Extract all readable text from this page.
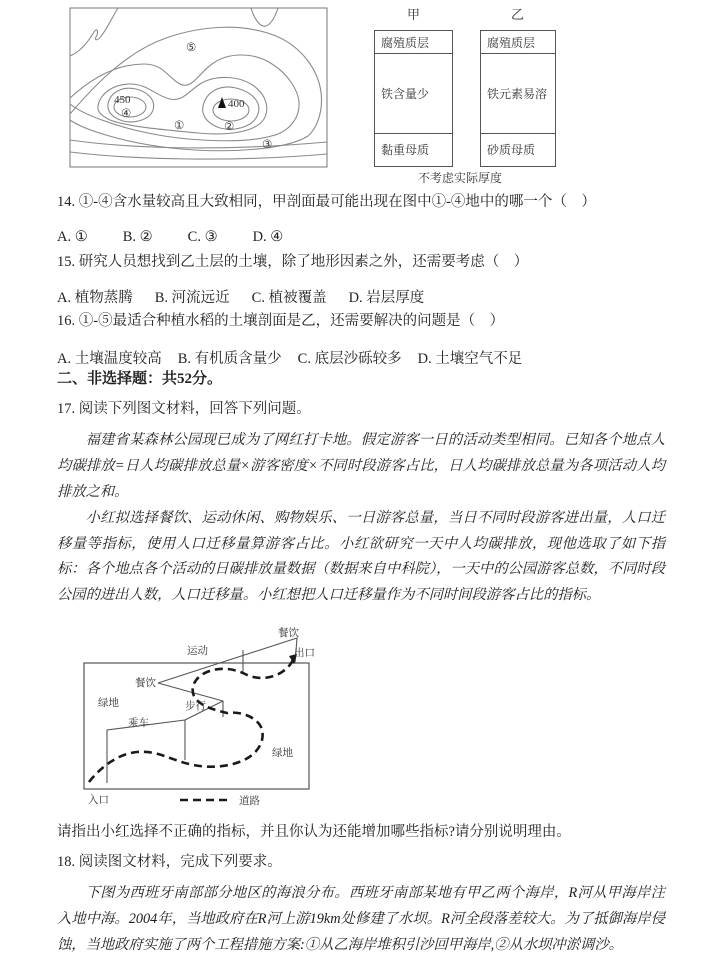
450	400
⑤
④
①	②
③
甲	乙
腐殖质层
铁含量少
黏重母质
腐殖质层
铁元素易溶
砂质母质
不考虑实际厚度
14. ①-④含水量较高且大致相同，甲剖面最可能出现在图中①-④地中的哪一个（　）
A. ① B. ② C. ③ D. ④
15. 研究人员想找到乙土层的土壤，除了地形因素之外，还需要考虑（　）
A. 植物蒸腾 B. 河流远近 C. 植被覆盖 D. 岩层厚度
16. ①-⑤最适合种植水稻的土壤剖面是乙，还需要解决的问题是（　）
A. 土壤温度较高 B. 有机质含量少 C. 底层沙砾较多 D. 土壤空气不足
二、非选择题：共52分。
17. 阅读下列图文材料，回答下列问题。
福建省某森林公园现已成为了网红打卡地。假定游客一日的活动类型相同。已知各个地点人均碳排放=日人均碳排放总量×游客密度×不同时段游客占比，日人均碳排放总量为各项活动人均排放之和。
小红拟选择餐饮、运动休闲、购物娱乐、一日游客总量，当日不同时段游客进出量，人口迁移量等指标，使用人口迁移量算游客占比。小红欲研究一天中人均碳排放，现他选取了如下指标：各个地点各个活动的日碳排放量数据（数据来自中科院），一天中的公园游客总数，不同时段公园的进出人数，人口迁移量。小红想把人口迁移量作为不同时间段游客占比的指标。
餐饮
出口
运动
餐饮
绿地	步行
乘车
绿地
入口	道路
请指出小红选择不正确的指标，并且你认为还能增加哪些指标?请分别说明理由。
18. 阅读图文材料，完成下列要求。
下图为西班牙南部部分地区的海浪分布。西班牙南部某地有甲乙两个海岸，R河从甲海岸注入地中海。2004年，当地政府在R河上游19km处修建了水坝。R河全段落差较大。为了抵御海岸侵蚀，当地政府实施了两个工程措施方案:①从乙海岸堆积引沙回甲海岸,②从水坝冲淤调沙。
